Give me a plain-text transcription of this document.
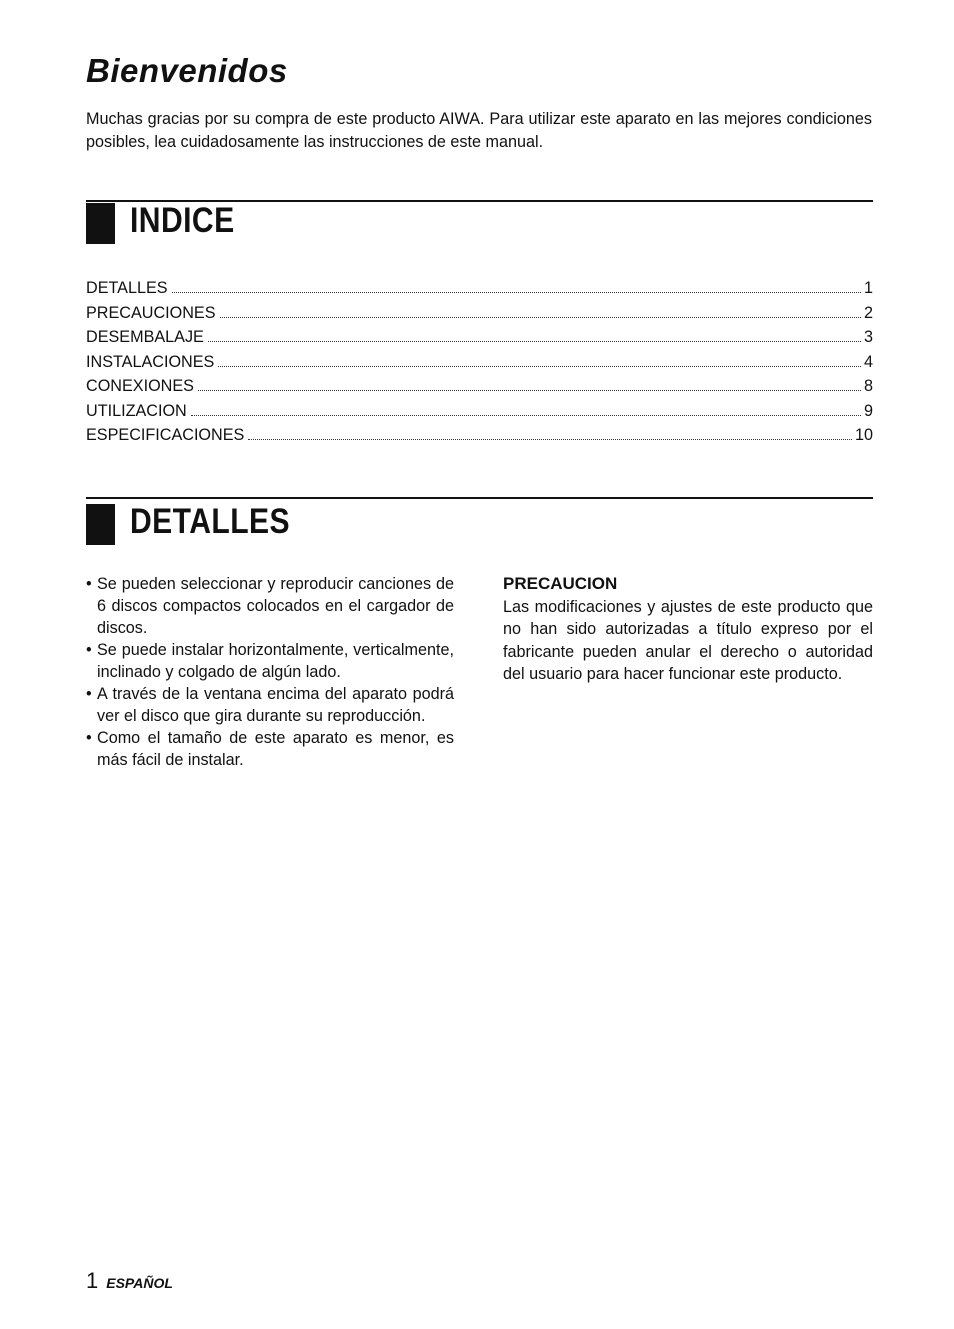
Bienvenidos

Muchas gracias por su compra de este producto AIWA. Para utilizar este aparato en las mejores condiciones posibles, lea cuidadosamente las instrucciones de este manual.

INDICE
DETALLES	1
PRECAUCIONES	2
DESEMBALAJE	3
INSTALACIONES	4
CONEXIONES	8
UTILIZACION	9
ESPECIFICACIONES	10
DETALLES
• Se pueden seleccionar y reproducir canciones de 6 discos compactos colocados en el cargador de discos.
• Se puede instalar horizontalmente, verticalmente, inclinado y colgado de algún lado.
• A través de la ventana encima del aparato podrá ver el disco que gira durante su reproducción.
• Como el tamaño de este aparato es menor, es más fácil de instalar.
PRECAUCION

Las modificaciones y ajustes de este producto que no han sido autorizadas a título expreso por el fabricante pueden anular el derecho o autoridad del usuario para hacer funcionar este producto.

1 ESPAÑOL
